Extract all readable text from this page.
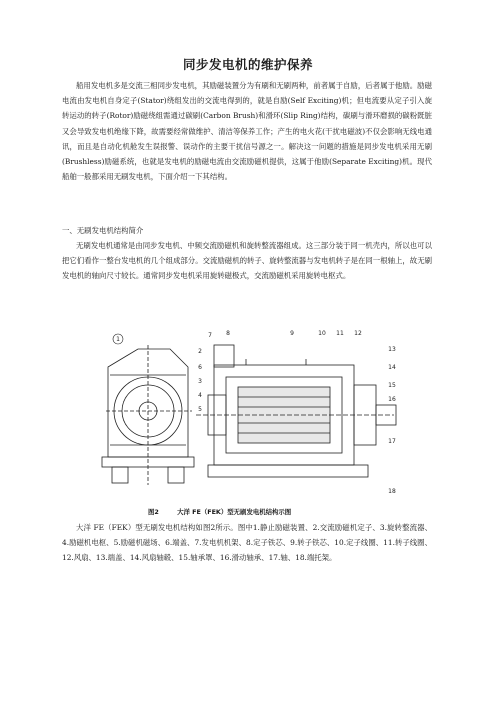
同步发电机的维护保养
船用发电机多是交流三相同步发电机，其励磁装置分为有刷和无刷两种，前者属于自励，后者属于他励。励磁电流由发电机自身定子(Stator)绕组发出的交流电得到的，就是自励(Self Exciting)机；但电流要从定子引入旋转运动的转子(Rotor)励磁绕组需通过碳刷(Carbon Brush)和滑环(Slip Ring)结构，碳刷与滑环磨损的碳粉既脏又会导致发电机绝缘下降，故需要经常做维护、清洁等保养工作；产生的电火花(干扰电磁波)不仅会影响无线电通讯，而且是自动化机舱发生误报警、误动作的主要干扰信号源之一。解决这一问题的措施是同步发电机采用无刷(Brushless)励磁系统，也就是发电机的励磁电流由交流励磁机提供，这属于他励(Separate Exciting)机。现代船舶一般都采用无刷发电机，下面介绍一下其结构。
一、无刷发电机结构简介
无刷发电机通常是由同步发电机、中频交流励磁机和旋转整流器组成。这三部分装于同一机壳内，所以也可以把它们看作一整台发电机的几个组成部分。交流励磁机的转子、旋转整流器与发电机转子是在同一根轴上，故无刷发电机的轴向尺寸较长。通常同步发电机采用旋转磁极式，交流励磁机采用旋转电枢式。
1
2
3
4
5
6
7 8	9	10 11 12
13
14
15
16
17
18
图2	大洋 FE（FEK）型无刷发电机结构示图
大洋 FE（FEK）型无刷发电机结构如图2所示。图中1.静止励磁装置、2.交流励磁机定子、3.旋转整流器、4.励磁机电枢、5.励磁机磁场、6.端盖、7.发电机机架、8.定子铁芯、9.转子铁芯、10.定子线圈、11.转子线圈、12.风扇、13.端盖、14.风扇轴毂、15.轴承罩、16.滑动轴承、17.轴、18.端托架。
